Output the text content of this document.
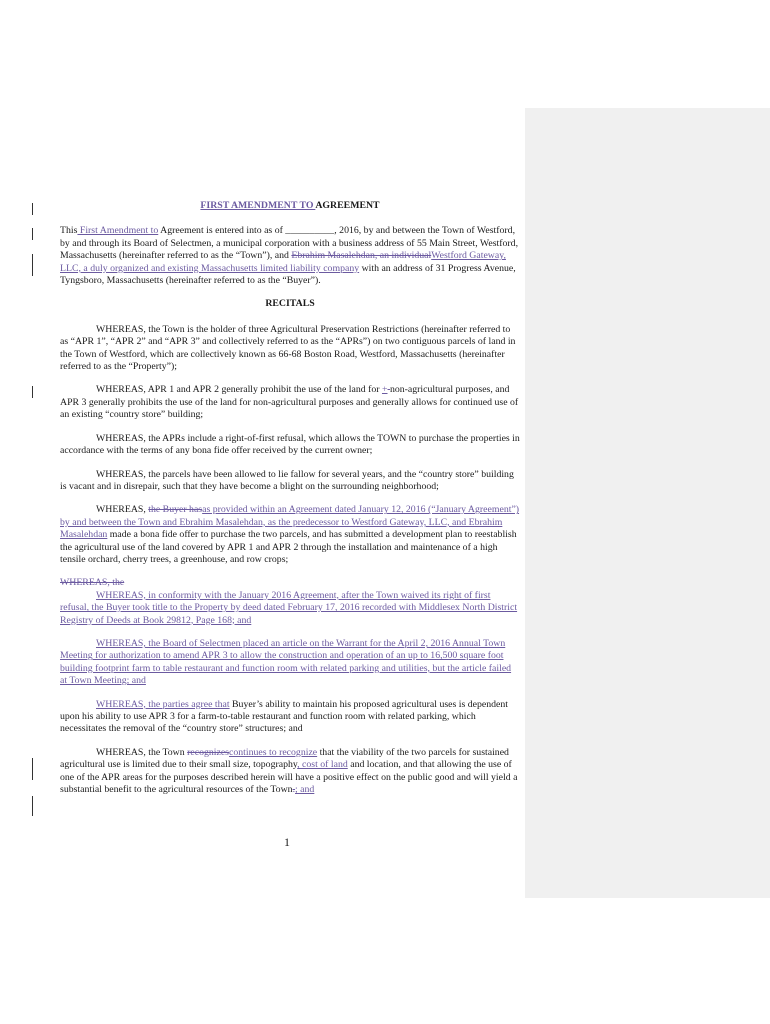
FIRST AMENDMENT TO AGREEMENT

This First Amendment to Agreement is entered into as of __________, 2016, by and between the Town of Westford, by and through its Board of Selectmen, a municipal corporation with a business address of 55 Main Street, Westford, Massachusetts (hereinafter referred to as the “Town”), and Ebrahim Masalehdan, an individualWestford Gateway, LLC, a duly organized and existing Massachusetts limited liability company with an address of 31 Progress Avenue, Tyngsboro, Massachusetts (hereinafter referred to as the “Buyer”).

RECITALS

WHEREAS, the Town is the holder of three Agricultural Preservation Restrictions (hereinafter referred to as “APR 1”, “APR 2” and “APR 3” and collectively referred to as the “APRs”) on two contiguous parcels of land in the Town of Westford, which are collectively known as 66-68 Boston Road, Westford, Massachusetts (hereinafter referred to as the “Property”);

WHEREAS, APR 1 and APR 2 generally prohibit the use of the land for + non-agricultural purposes, and APR 3 generally prohibits the use of the land for non-agricultural purposes and generally allows for continued use of an existing “country store” building;

WHEREAS, the APRs include a right-of-first refusal, which allows the TOWN to purchase the properties in accordance with the terms of any bona fide offer received by the current owner;

WHEREAS, the parcels have been allowed to lie fallow for several years, and the “country store” building is vacant and in disrepair, such that they have become a blight on the surrounding neighborhood;

WHEREAS, the Buyer hasas provided within an Agreement dated January 12, 2016 (“January Agreement”) by and between the Town and Ebrahim Masalehdan, as the predecessor to Westford Gateway, LLC, and Ebrahim Masalehdan made a bona fide offer to purchase the two parcels, and has submitted a development plan to reestablish the agricultural use of the land covered by APR 1 and APR 2 through the installation and maintenance of a high tensile orchard, cherry trees, a greenhouse, and row crops;

WHEREAS, the

WHEREAS, in conformity with the January 2016 Agreement, after the Town waived its right of first refusal, the Buyer took title to the Property by deed dated February 17, 2016 recorded with Middlesex North District Registry of Deeds at Book 29812, Page 168; and

WHEREAS, the Board of Selectmen placed an article on the Warrant for the April 2, 2016 Annual Town Meeting for authorization to amend APR 3 to allow the construction and operation of an up to 16,500 square foot building footprint farm to table restaurant and function room with related parking and utilities, but the article failed at Town Meeting; and

WHEREAS, the parties agree that Buyer’s ability to maintain his proposed agricultural uses is dependent upon his ability to use APR 3 for a farm-to-table restaurant and function room with related parking, which necessitates the removal of the “country store” structures; and

WHEREAS, the Town recognizescontinues to recognize that the viability of the two parcels for sustained agricultural use is limited due to their small size, topography, cost of land and location, and that allowing the use of one of the APR areas for the purposes described herein will have a positive effect on the public good and will yield a substantial benefit to the agricultural resources of the Town.; and

1
